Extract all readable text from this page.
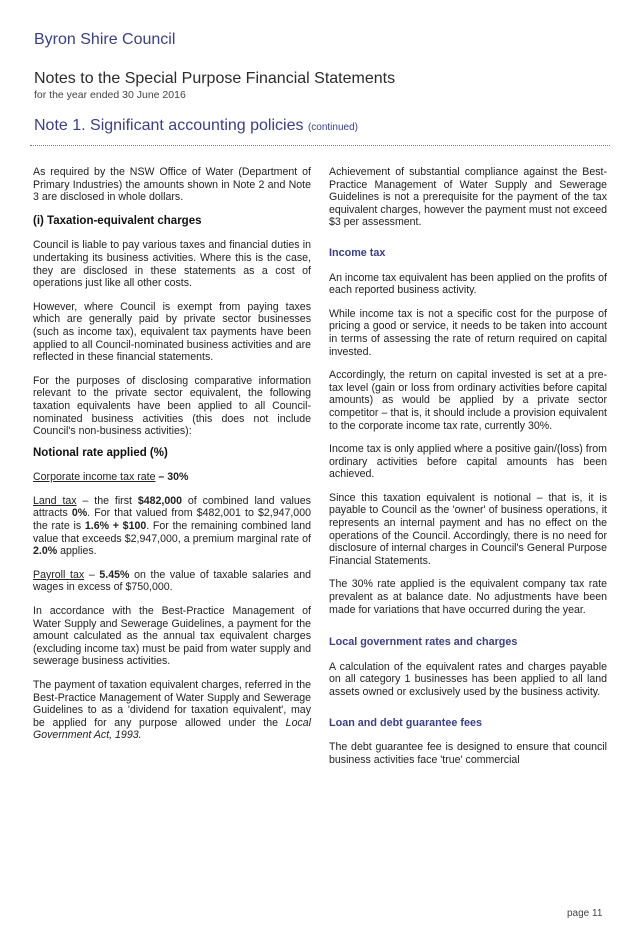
Byron Shire Council
Notes to the Special Purpose Financial Statements
for the year ended 30 June 2016
Note 1. Significant accounting policies (continued)

As required by the NSW Office of Water (Department of Primary Industries) the amounts shown in Note 2 and Note 3 are disclosed in whole dollars.

(i) Taxation-equivalent charges

Council is liable to pay various taxes and financial duties in undertaking its business activities. Where this is the case, they are disclosed in these statements as a cost of operations just like all other costs.

However, where Council is exempt from paying taxes which are generally paid by private sector businesses (such as income tax), equivalent tax payments have been applied to all Council-nominated business activities and are reflected in these financial statements.

For the purposes of disclosing comparative information relevant to the private sector equivalent, the following taxation equivalents have been applied to all Council-nominated business activities (this does not include Council's non-business activities):

Notional rate applied (%)

Corporate income tax rate – 30%

Land tax – the first $482,000 of combined land values attracts 0%. For that valued from $482,001 to $2,947,000 the rate is 1.6% + $100. For the remaining combined land value that exceeds $2,947,000, a premium marginal rate of 2.0% applies.

Payroll tax – 5.45% on the value of taxable salaries and wages in excess of $750,000.

In accordance with the Best-Practice Management of Water Supply and Sewerage Guidelines, a payment for the amount calculated as the annual tax equivalent charges (excluding income tax) must be paid from water supply and sewerage business activities.

The payment of taxation equivalent charges, referred in the Best-Practice Management of Water Supply and Sewerage Guidelines to as a 'dividend for taxation equivalent', may be applied for any purpose allowed under the Local Government Act, 1993.

Achievement of substantial compliance against the Best-Practice Management of Water Supply and Sewerage Guidelines is not a prerequisite for the payment of the tax equivalent charges, however the payment must not exceed $3 per assessment.

Income tax

An income tax equivalent has been applied on the profits of each reported business activity.

While income tax is not a specific cost for the purpose of pricing a good or service, it needs to be taken into account in terms of assessing the rate of return required on capital invested.

Accordingly, the return on capital invested is set at a pre-tax level (gain or loss from ordinary activities before capital amounts) as would be applied by a private sector competitor – that is, it should include a provision equivalent to the corporate income tax rate, currently 30%.

Income tax is only applied where a positive gain/(loss) from ordinary activities before capital amounts has been achieved.

Since this taxation equivalent is notional – that is, it is payable to Council as the 'owner' of business operations, it represents an internal payment and has no effect on the operations of the Council. Accordingly, there is no need for disclosure of internal charges in Council's General Purpose Financial Statements.

The 30% rate applied is the equivalent company tax rate prevalent as at balance date. No adjustments have been made for variations that have occurred during the year.

Local government rates and charges

A calculation of the equivalent rates and charges payable on all category 1 businesses has been applied to all land assets owned or exclusively used by the business activity.

Loan and debt guarantee fees

The debt guarantee fee is designed to ensure that council business activities face 'true' commercial

page 11
